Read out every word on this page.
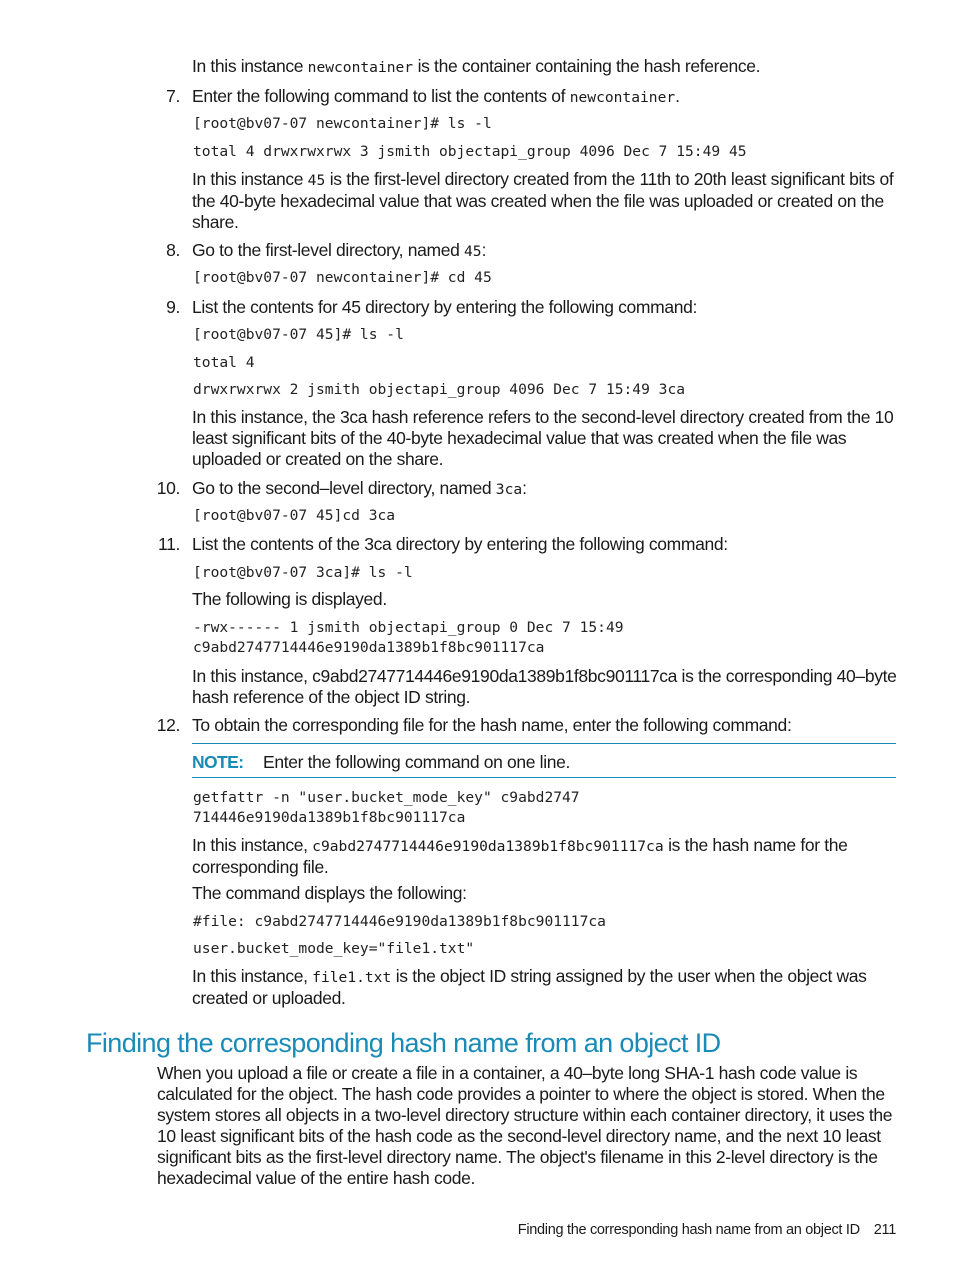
In this instance newcontainer is the container containing the hash reference.

7. Enter the following command to list the contents of newcontainer.

[root@bv07-07 newcontainer]# ls -l
total 4 drwxrwxrwx 3 jsmith objectapi_group 4096 Dec 7 15:49 45

In this instance 45 is the first-level directory created from the 11th to 20th least significant bits of the 40-byte hexadecimal value that was created when the file was uploaded or created on the share.

8. Go to the first-level directory, named 45:

[root@bv07-07 newcontainer]# cd 45
9. List the contents for 45 directory by entering the following command:

[root@bv07-07 45]# ls -l
total 4
drwxrwxrwx 2 jsmith objectapi_group 4096 Dec 7 15:49 3ca

In this instance, the 3ca hash reference refers to the second-level directory created from the 10 least significant bits of the 40-byte hexadecimal value that was created when the file was uploaded or created on the share.

10. Go to the second–level directory, named 3ca:

[root@bv07-07 45]cd 3ca
11. List the contents of the 3ca directory by entering the following command:

[root@bv07-07 3ca]# ls -l

The following is displayed.

-rwx------ 1 jsmith objectapi_group 0 Dec 7 15:49
c9abd2747714446e9190da1389b1f8bc901117ca

In this instance, c9abd2747714446e9190da1389b1f8bc901117ca is the corresponding 40–byte hash reference of the object ID string.

12. To obtain the corresponding file for the hash name, enter the following command:

NOTE: Enter the following command on one line.
getfattr -n "user.bucket_mode_key" c9abd2747
714446e9190da1389b1f8bc901117ca

In this instance, c9abd2747714446e9190da1389b1f8bc901117ca is the hash name for the corresponding file.

The command displays the following:

#file: c9abd2747714446e9190da1389b1f8bc901117ca
user.bucket_mode_key="file1.txt"

In this instance, file1.txt is the object ID string assigned by the user when the object was created or uploaded.

Finding the corresponding hash name from an object ID

When you upload a file or create a file in a container, a 40–byte long SHA-1 hash code value is calculated for the object. The hash code provides a pointer to where the object is stored. When the system stores all objects in a two-level directory structure within each container directory, it uses the 10 least significant bits of the hash code as the second-level directory name, and the next 10 least significant bits as the first-level directory name. The object's filename in this 2-level directory is the hexadecimal value of the entire hash code.

Finding the corresponding hash name from an object ID 211
